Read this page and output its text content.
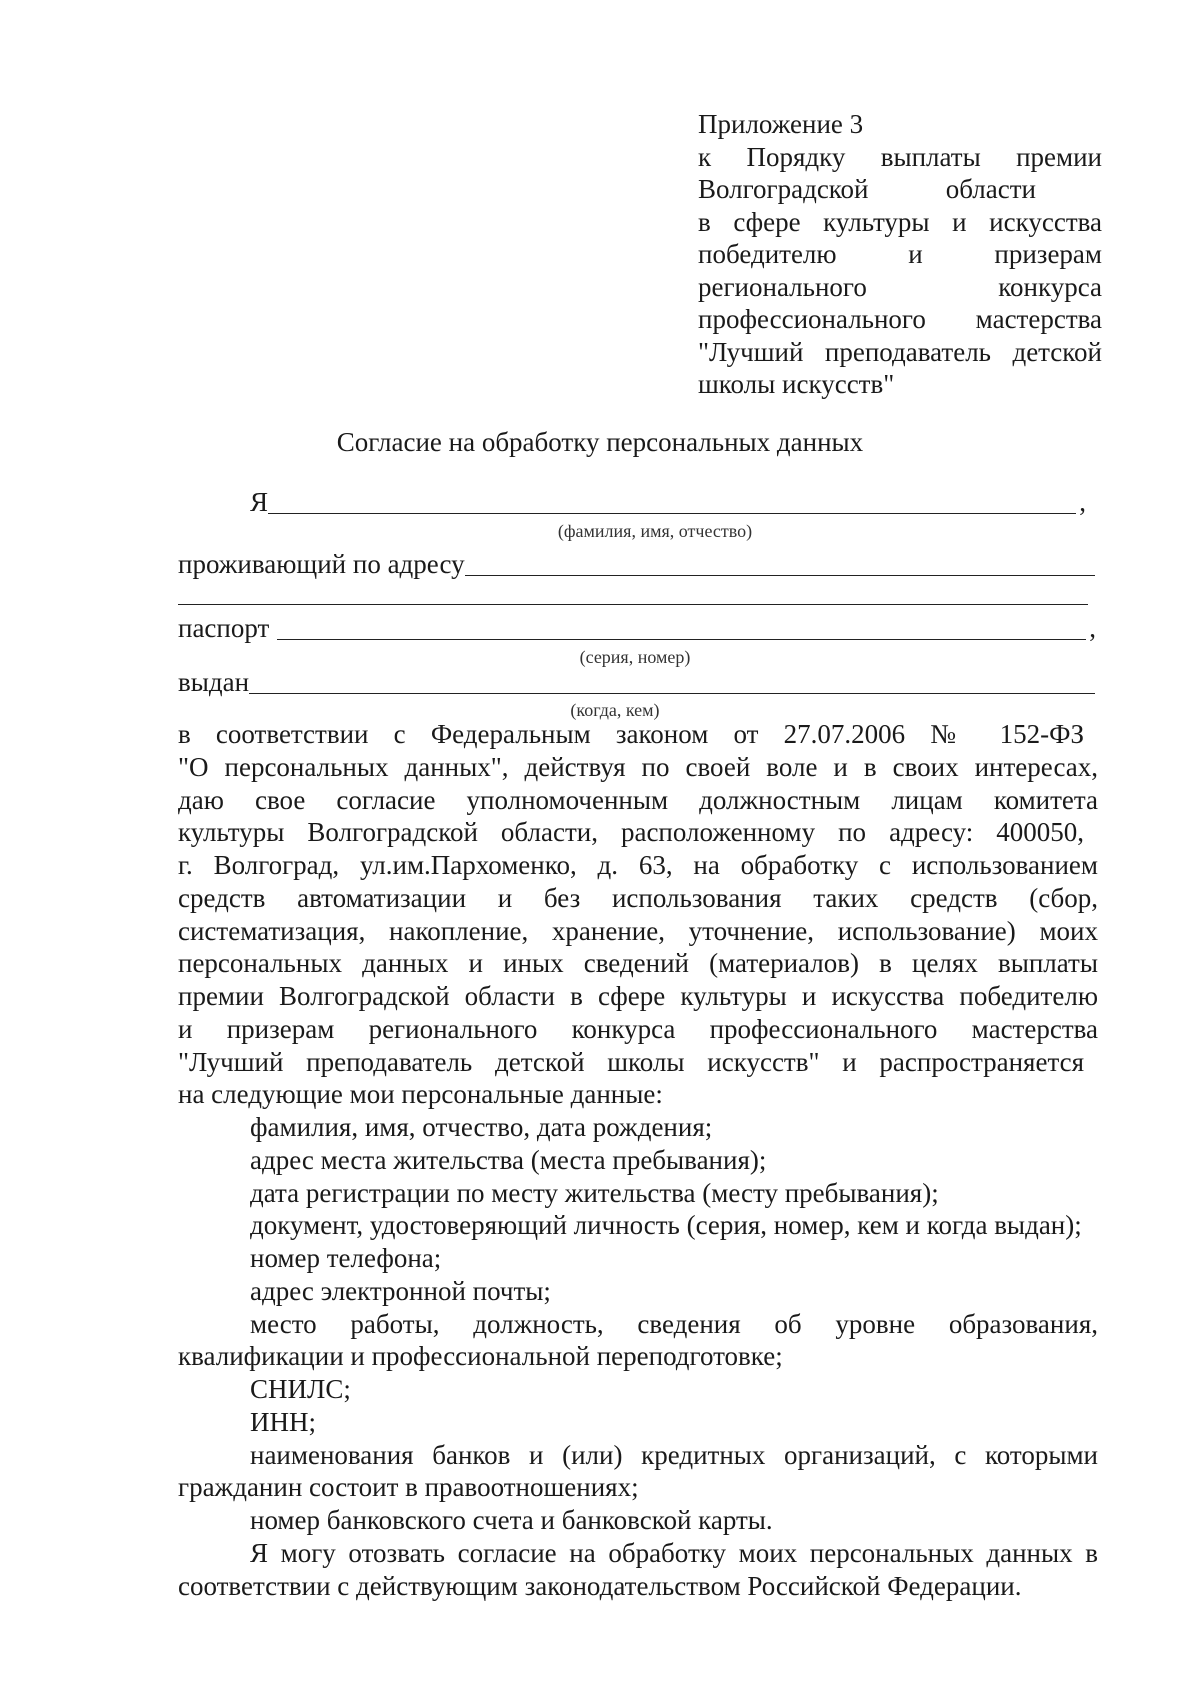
Приложение 3
к Порядку выплаты премии
Волгоградской области
в сфере культуры и искусства
победителю и призерам
регионального конкурса
профессионального мастерства
"Лучший преподаватель детской
школы искусств"
Согласие на обработку персональных данных
Я	,
(фамилия, имя, отчество)
проживающий по адресу
паспорт	,
(серия, номер)
выдан
(когда, кем)

в соответствии с Федеральным законом от 27.07.2006 № 152-ФЗ

"О персональных данных", действуя по своей воле и в своих интересах,

даю свое согласие уполномоченным должностным лицам комитета

культуры Волгоградской области, расположенному по адресу: 400050,

г. Волгоград, ул.им.Пархоменко, д. 63, на обработку с использованием

средств автоматизации и без использования таких средств (сбор,

систематизация, накопление, хранение, уточнение, использование) моих

персональных данных и иных сведений (материалов) в целях выплаты

премии Волгоградской области в сфере культуры и искусства победителю

и призерам регионального конкурса профессионального мастерства

"Лучший преподаватель детской школы искусств" и распространяется

на следующие мои персональные данные:

фамилия, имя, отчество, дата рождения;

адрес места жительства (места пребывания);

дата регистрации по месту жительства (месту пребывания);

документ, удостоверяющий личность (серия, номер, кем и когда выдан);

номер телефона;

адрес электронной почты;

место работы, должность, сведения об уровне образования, квалификации и профессиональной переподготовке;

СНИЛС;

ИНН;

наименования банков и (или) кредитных организаций, с которыми гражданин состоит в правоотношениях;

номер банковского счета и банковской карты.

Я могу отозвать согласие на обработку моих персональных данных в соответствии с действующим законодательством Российской Федерации.
